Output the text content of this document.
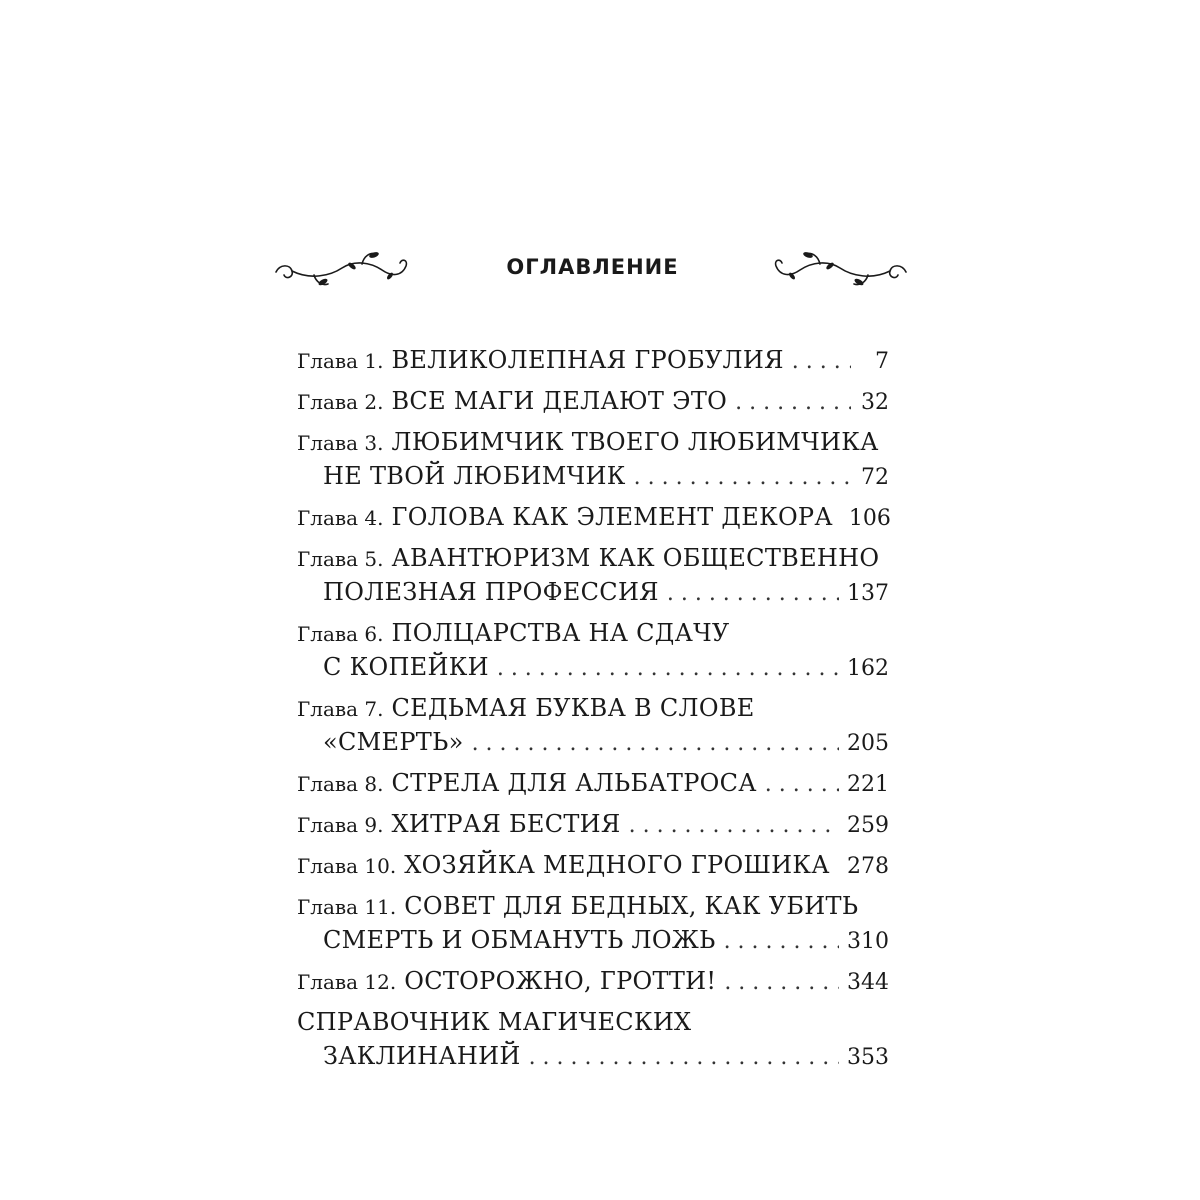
ОГЛАВЛЕНИЕ
Глава 1. ВЕЛИКОЛЕПНАЯ ГРОБУЛИЯ . . .	7
Глава 2. ВСЕ МАГИ ДЕЛАЮТ ЭТО . . .	32
Глава 3. ЛЮБИМЧИК ТВОЕГО ЛЮБИМЧИКА
НЕ ТВОЙ ЛЮБИМЧИК . . .	72
Глава 4. ГОЛОВА КАК ЭЛЕМЕНТ ДЕКОРА 106
Глава 5. АВАНТЮРИЗМ КАК ОБЩЕСТВЕННО
ПОЛЕЗНАЯ ПРОФЕССИЯ . . .	137
Глава 6. ПОЛЦАРСТВА НА СДАЧУ
С КОПЕЙКИ . . .	162
Глава 7. СЕДЬМАЯ БУКВА В СЛОВЕ
«СМЕРТЬ» . . .	205
Глава 8. СТРЕЛА ДЛЯ АЛЬБАТРОСА . . .	221
Глава 9. ХИТРАЯ БЕСТИЯ . . .	259
Глава 10. ХОЗЯЙКА МЕДНОГО ГРОШИКА . . . 278
Глава 11. СОВЕТ ДЛЯ БЕДНЫХ, КАК УБИТЬ
СМЕРТЬ И ОБМАНУТЬ ЛОЖЬ . . .	310
Глава 12. ОСТОРОЖНО, ГРОТТИ! . . .	344
СПРАВОЧНИК МАГИЧЕСКИХ
ЗАКЛИНАНИЙ . . .	353
